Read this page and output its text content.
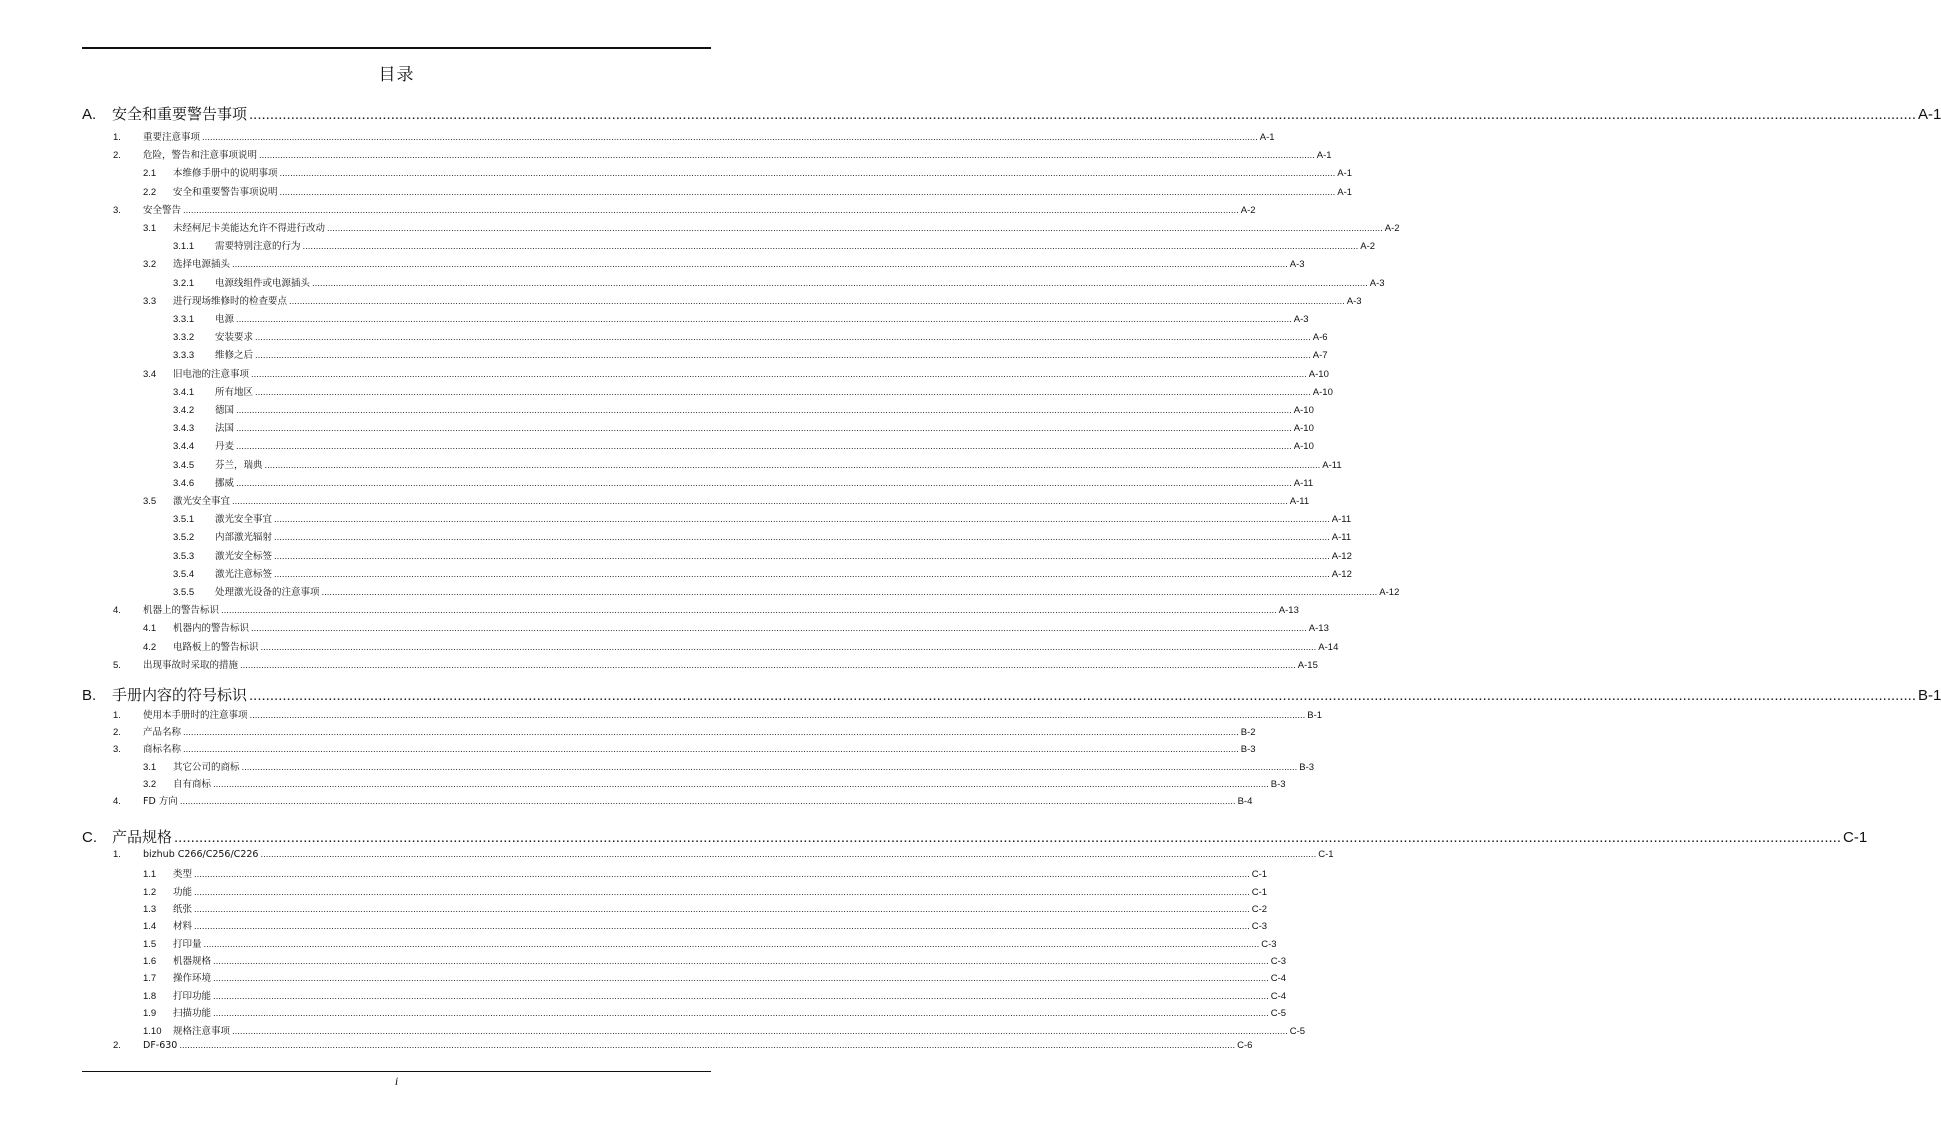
目录
A.	安全和重要警告事项 ................................................................................................................................................................................................................................................................................................................................................................................................................ A-1
1.	重要注意事项 ................................................................................................................................................................................................................................................................................................................................................................................................................ A-1
2.	危险，警告和注意事项说明 ................................................................................................................................................................................................................................................................................................................................................................................................................ A-1
2.1	本维修手册中的说明事项 ................................................................................................................................................................................................................................................................................................................................................................................................................ A-1
2.2	安全和重要警告事项说明 ................................................................................................................................................................................................................................................................................................................................................................................................................ A-1
3.	安全警告 ................................................................................................................................................................................................................................................................................................................................................................................................................ A-2
3.1	未经柯尼卡美能达允许不得进行改动 ................................................................................................................................................................................................................................................................................................................................................................................................................ A-2
3.1.1	需要特别注意的行为 ................................................................................................................................................................................................................................................................................................................................................................................................................ A-2
3.2	选择电源插头 ................................................................................................................................................................................................................................................................................................................................................................................................................ A-3
3.2.1	电源线组件或电源插头 ................................................................................................................................................................................................................................................................................................................................................................................................................ A-3
3.3	进行现场维修时的检查要点 ................................................................................................................................................................................................................................................................................................................................................................................................................ A-3
3.3.1	电源 ................................................................................................................................................................................................................................................................................................................................................................................................................ A-3
3.3.2	安装要求 ................................................................................................................................................................................................................................................................................................................................................................................................................ A-6
3.3.3	维修之后 ................................................................................................................................................................................................................................................................................................................................................................................................................ A-7
3.4	旧电池的注意事项 ................................................................................................................................................................................................................................................................................................................................................................................................................ A-10
3.4.1	所有地区 ................................................................................................................................................................................................................................................................................................................................................................................................................ A-10
3.4.2	德国 ................................................................................................................................................................................................................................................................................................................................................................................................................ A-10
3.4.3	法国 ................................................................................................................................................................................................................................................................................................................................................................................................................ A-10
3.4.4	丹麦 ................................................................................................................................................................................................................................................................................................................................................................................................................ A-10
3.4.5	芬兰，瑞典 ................................................................................................................................................................................................................................................................................................................................................................................................................ A-11
3.4.6	挪威 ................................................................................................................................................................................................................................................................................................................................................................................................................ A-11
3.5	激光安全事宜 ................................................................................................................................................................................................................................................................................................................................................................................................................ A-11
3.5.1	激光安全事宜 ................................................................................................................................................................................................................................................................................................................................................................................................................ A-11
3.5.2	内部激光辐射 ................................................................................................................................................................................................................................................................................................................................................................................................................ A-11
3.5.3	激光安全标签 ................................................................................................................................................................................................................................................................................................................................................................................................................ A-12
3.5.4	激光注意标签 ................................................................................................................................................................................................................................................................................................................................................................................................................ A-12
3.5.5	处理激光设备的注意事项 ................................................................................................................................................................................................................................................................................................................................................................................................................ A-12
4.	机器上的警告标识 ................................................................................................................................................................................................................................................................................................................................................................................................................ A-13
4.1	机器内的警告标识 ................................................................................................................................................................................................................................................................................................................................................................................................................ A-13
4.2	电路板上的警告标识 ................................................................................................................................................................................................................................................................................................................................................................................................................ A-14
5.	出现事故时采取的措施 ................................................................................................................................................................................................................................................................................................................................................................................................................ A-15
B.	手册内容的符号标识 ................................................................................................................................................................................................................................................................................................................................................................................................................ B-1
1.	使用本手册时的注意事项 ................................................................................................................................................................................................................................................................................................................................................................................................................ B-1
2.	产品名称 ................................................................................................................................................................................................................................................................................................................................................................................................................ B-2
3.	商标名称 ................................................................................................................................................................................................................................................................................................................................................................................................................ B-3
3.1	其它公司的商标 ................................................................................................................................................................................................................................................................................................................................................................................................................ B-3
3.2	自有商标 ................................................................................................................................................................................................................................................................................................................................................................................................................ B-3
4.	FD 方向 ................................................................................................................................................................................................................................................................................................................................................................................................................ B-4
C.	产品规格 ................................................................................................................................................................................................................................................................................................................................................................................................................ C-1
1.	bizhub C266/C256/C226 ................................................................................................................................................................................................................................................................................................................................................................................................................ C-1
1.1	类型 ................................................................................................................................................................................................................................................................................................................................................................................................................ C-1
1.2	功能 ................................................................................................................................................................................................................................................................................................................................................................................................................ C-1
1.3	纸张 ................................................................................................................................................................................................................................................................................................................................................................................................................ C-2
1.4	材料 ................................................................................................................................................................................................................................................................................................................................................................................................................ C-3
1.5	打印量 ................................................................................................................................................................................................................................................................................................................................................................................................................ C-3
1.6	机器规格 ................................................................................................................................................................................................................................................................................................................................................................................................................ C-3
1.7	操作环境 ................................................................................................................................................................................................................................................................................................................................................................................................................ C-4
1.8	打印功能 ................................................................................................................................................................................................................................................................................................................................................................................................................ C-4
1.9	扫描功能 ................................................................................................................................................................................................................................................................................................................................................................................................................ C-5
1.10	规格注意事项 ................................................................................................................................................................................................................................................................................................................................................................................................................ C-5
2.	DF-630 ................................................................................................................................................................................................................................................................................................................................................................................................................ C-6
i
